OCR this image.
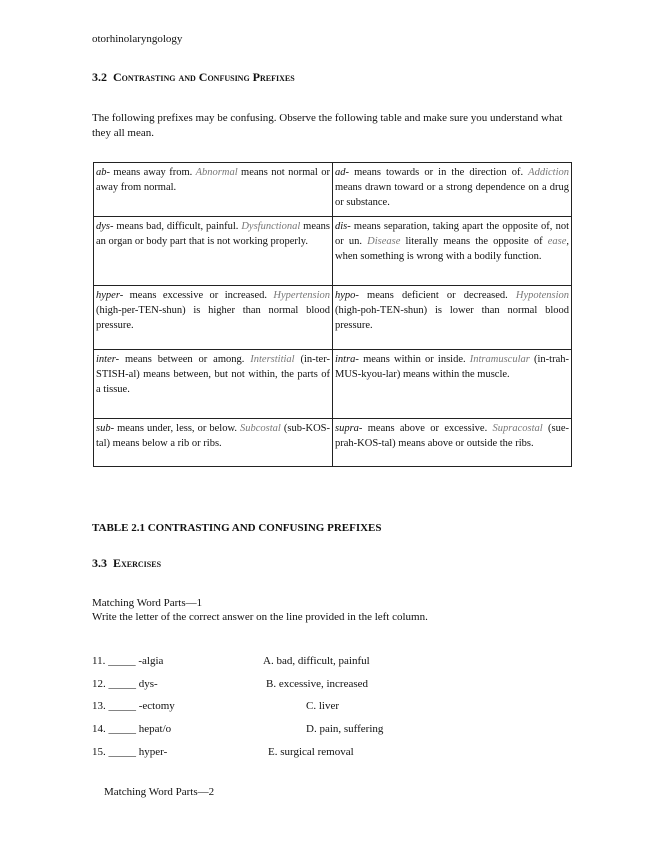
otorhinolaryngology
3.2 Contrasting and Confusing Prefixes
The following prefixes may be confusing. Observe the following table and make sure you understand what they all mean.
ab- means away from. Abnormal means not normal or away from normal.	ad- means towards or in the direction of. Addiction means drawn toward or a strong dependence on a drug or substance.
dys- means bad, difficult, painful. Dysfunctional means an organ or body part that is not working properly.	dis- means separation, taking apart the opposite of, not or un. Disease literally means the opposite of ease, when something is wrong with a bodily function.
hyper- means excessive or increased. Hypertension (high-per-TEN-shun) is higher than normal blood pressure.	hypo- means deficient or decreased. Hypotension (high-poh-TEN-shun) is lower than normal blood pressure.
inter- means between or among. Interstitial (in-ter-STISH-al) means between, but not within, the parts of a tissue.	intra- means within or inside. Intramuscular (in-trah-MUS-kyou-lar) means within the muscle.
sub- means under, less, or below. Subcostal (sub-KOS-tal) means below a rib or ribs.	supra- means above or excessive. Supracostal (sue-prah-KOS-tal) means above or outside the ribs.
TABLE 2.1 CONTRASTING AND CONFUSING PREFIXES
3.3 Exercises
Matching Word Parts—1
Write the letter of the correct answer on the line provided in the left column.
11. _____ -algia	A. bad, difficult, painful
12. _____ dys-	B. excessive, increased
13. _____ -ectomy	C. liver
14. _____ hepat/o	D. pain, suffering
15. _____ hyper-	E. surgical removal
Matching Word Parts—2
